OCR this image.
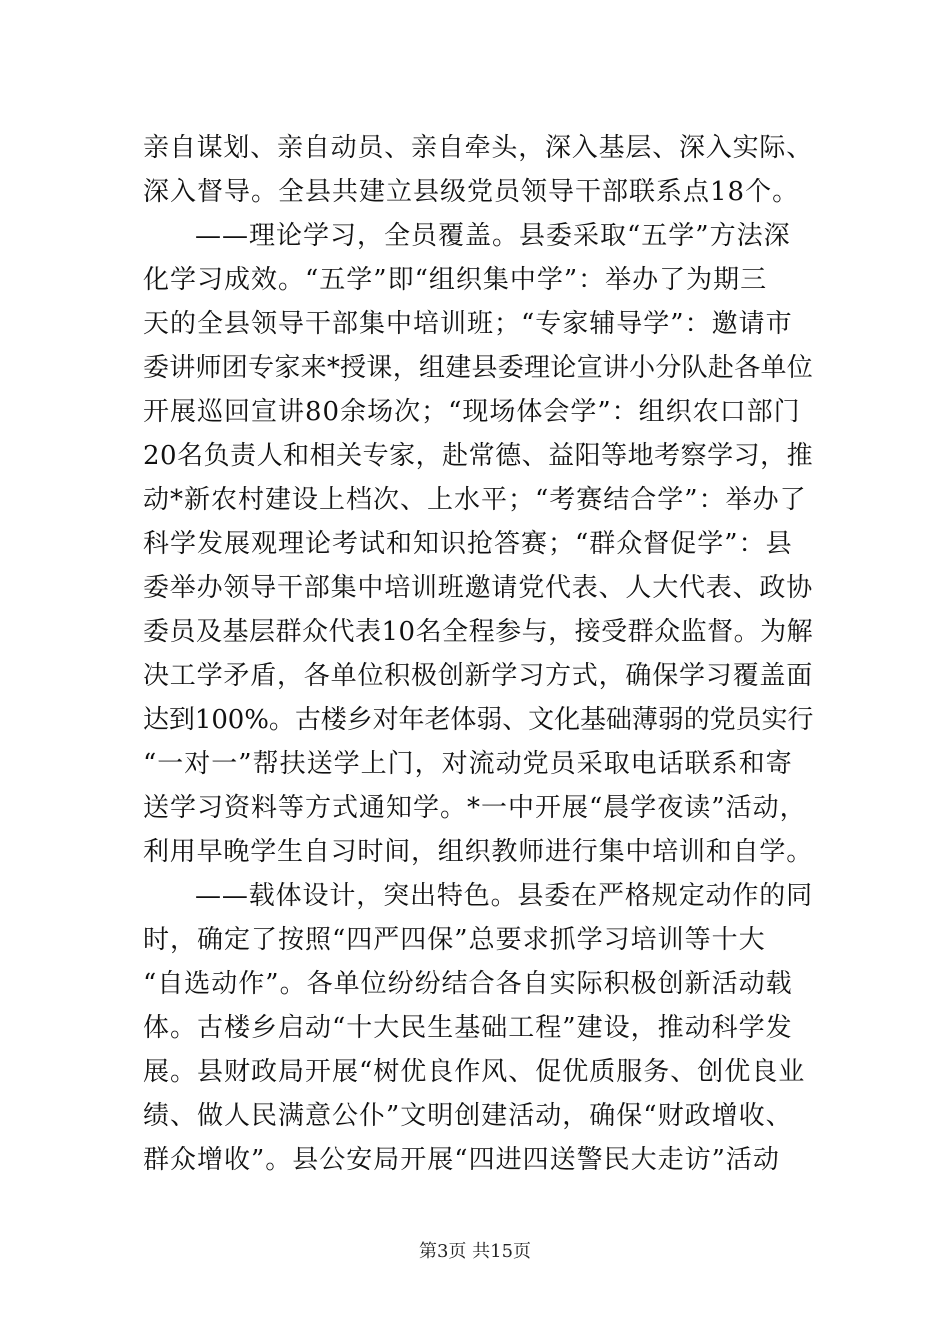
亲自谋划、亲自动员、亲自牵头，深入基层、深入实际、
深入督导。全县共建立县级党员领导干部联系点18个。
——理论学习，全员覆盖。县委采取“五学”方法深
化学习成效。“五学”即“组织集中学”：举办了为期三
天的全县领导干部集中培训班；“专家辅导学”：邀请市
委讲师团专家来*授课，组建县委理论宣讲小分队赴各单位
开展巡回宣讲80余场次；“现场体会学”：组织农口部门
20名负责人和相关专家，赴常德、益阳等地考察学习，推
动*新农村建设上档次、上水平；“考赛结合学”：举办了
科学发展观理论考试和知识抢答赛；“群众督促学”：县
委举办领导干部集中培训班邀请党代表、人大代表、政协
委员及基层群众代表10名全程参与，接受群众监督。为解
决工学矛盾，各单位积极创新学习方式，确保学习覆盖面
达到100%。古楼乡对年老体弱、文化基础薄弱的党员实行
“一对一”帮扶送学上门，对流动党员采取电话联系和寄
送学习资料等方式通知学。*一中开展“晨学夜读”活动，
利用早晚学生自习时间，组织教师进行集中培训和自学。
——载体设计，突出特色。县委在严格规定动作的同
时，确定了按照“四严四保”总要求抓学习培训等十大
“自选动作”。各单位纷纷结合各自实际积极创新活动载
体。古楼乡启动“十大民生基础工程”建设，推动科学发
展。县财政局开展“树优良作风、促优质服务、创优良业
绩、做人民满意公仆”文明创建活动，确保“财政增收、
群众增收”。县公安局开展“四进四送警民大走访”活动
第3页 共15页
